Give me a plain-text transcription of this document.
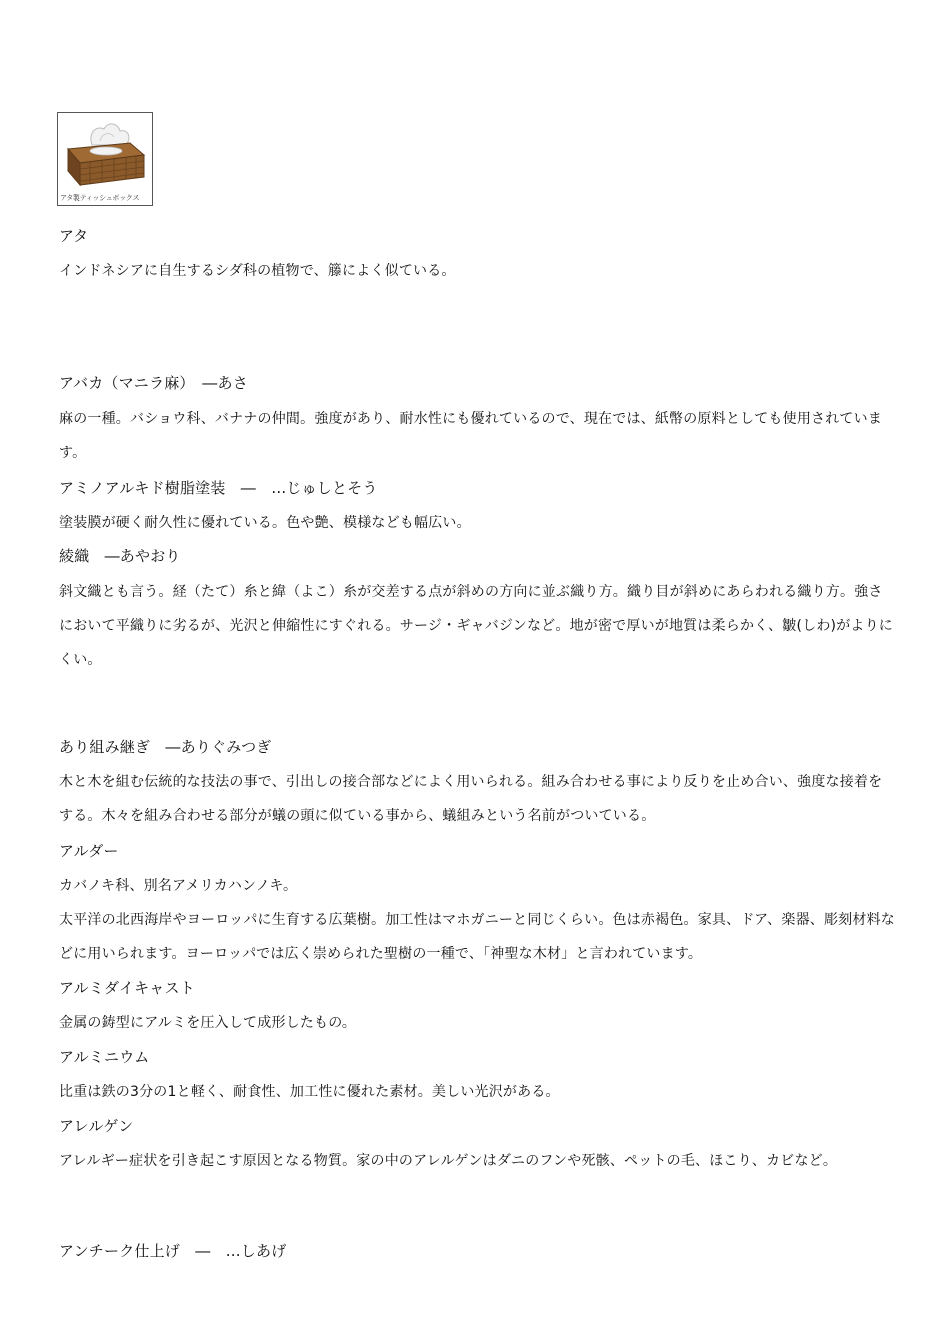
アタ製ティッシュボックス
アタ
インドネシアに自生するシダ科の植物で、籐によく似ている。
アバカ（マニラ麻）　―あさ
麻の一種。バショウ科、バナナの仲間。強度があり、耐水性にも優れているので、現在では、紙幣の原料としても使用されています。
アミノアルキド樹脂塗装　―　…じゅしとそう
塗装膜が硬く耐久性に優れている。色や艶、模様なども幅広い。
綾織　―あやおり
斜文織とも言う。経（たて）糸と緯（よこ）糸が交差する点が斜めの方向に並ぶ織り方。織り目が斜めにあらわれる織り方。強さにおいて平織りに劣るが、光沢と伸縮性にすぐれる。サージ・ギャバジンなど。地が密で厚いが地質は柔らかく、皺(しわ)がよりにくい。
あり組み継ぎ　―ありぐみつぎ
木と木を組む伝統的な技法の事で、引出しの接合部などによく用いられる。組み合わせる事により反りを止め合い、強度な接着をする。木々を組み合わせる部分が蟻の頭に似ている事から、蟻組みという名前がついている。
アルダー
カバノキ科、別名アメリカハンノキ。
太平洋の北西海岸やヨーロッパに生育する広葉樹。加工性はマホガニーと同じくらい。色は赤褐色。家具、ドア、楽器、彫刻材料などに用いられます。ヨーロッパでは広く崇められた聖樹の一種で、「神聖な木材」と言われています。
アルミダイキャスト
金属の鋳型にアルミを圧入して成形したもの。
アルミニウム
比重は鉄の3分の1と軽く、耐食性、加工性に優れた素材。美しい光沢がある。
アレルゲン
アレルギー症状を引き起こす原因となる物質。家の中のアレルゲンはダニのフンや死骸、ペットの毛、ほこり、カビなど。
アンチーク仕上げ　―　…しあげ
